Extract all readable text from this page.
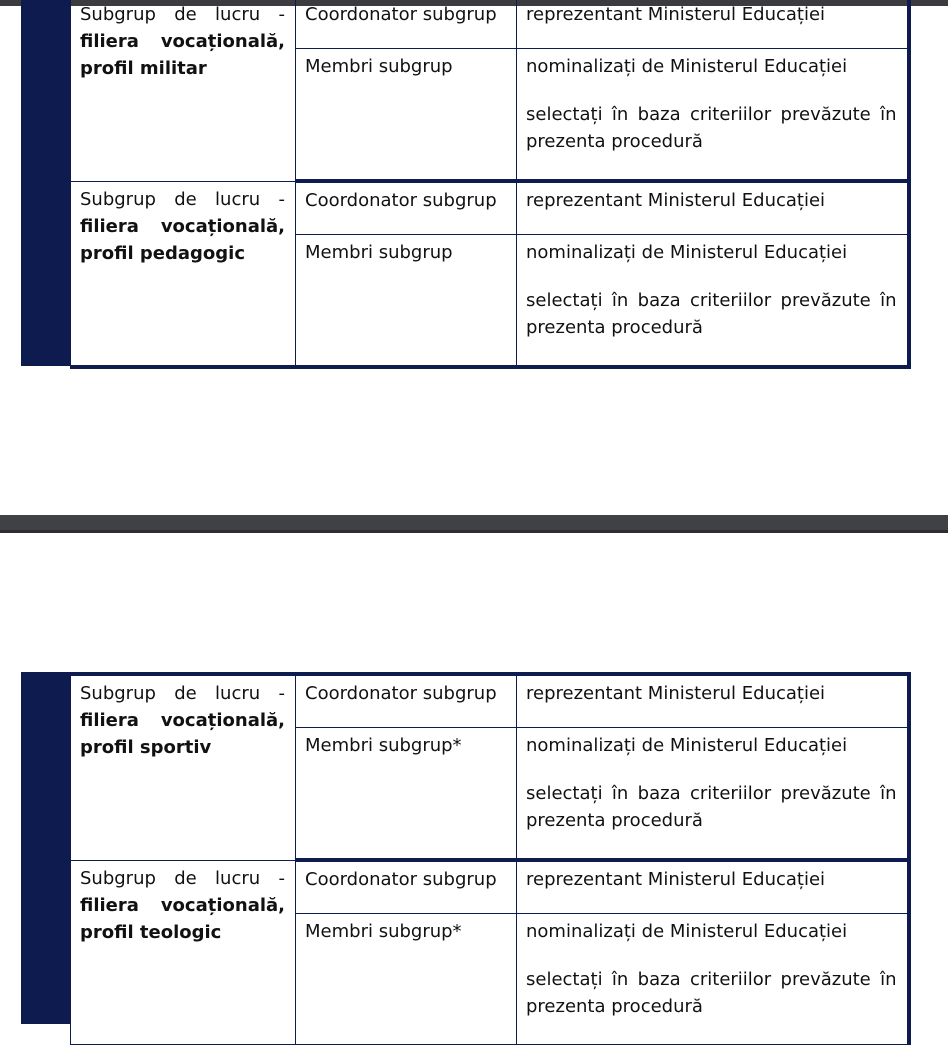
Subgrup de lucru -
filiera vocațională,
profil militar	Coordonator subgrup	reprezentant Ministerul Educației
	Membri subgrup	nominalizați de Ministerul Educației

selectați în baza criteriilor prevăzute în prezenta procedură

Subgrup de lucru -
filiera vocațională,
profil pedagogic	Coordonator subgrup	reprezentant Ministerul Educației
	Membri subgrup	nominalizați de Ministerul Educației

selectați în baza criteriilor prevăzute în prezenta procedură

Subgrup de lucru -
filiera vocațională,
profil sportiv	Coordonator subgrup	reprezentant Ministerul Educației
	Membri subgrup*	nominalizați de Ministerul Educației

selectați în baza criteriilor prevăzute în prezenta procedură

Subgrup de lucru -
filiera vocațională,
profil teologic	Coordonator subgrup	reprezentant Ministerul Educației
	Membri subgrup*	nominalizați de Ministerul Educației

selectați în baza criteriilor prevăzute în prezenta procedură
